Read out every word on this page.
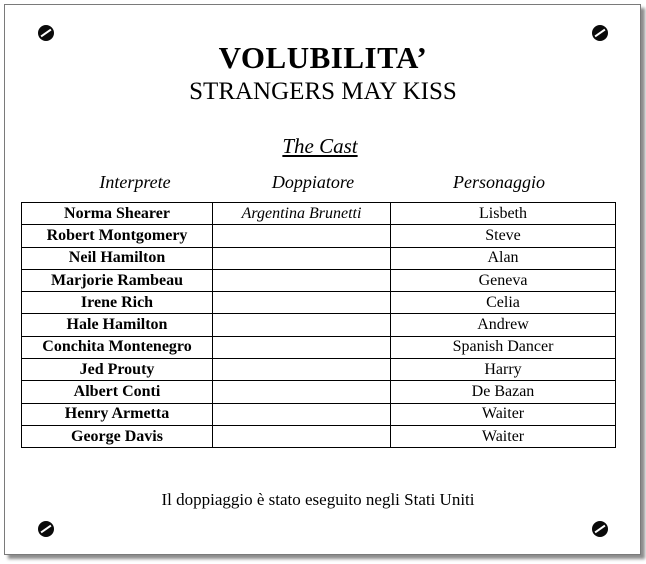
VOLUBILITA’
STRANGERS MAY KISS
The Cast
Interprete	Doppiatore	Personaggio
Norma Shearer	Argentina Brunetti	Lisbeth
Robert Montgomery		Steve
Neil Hamilton		Alan
Marjorie Rambeau		Geneva
Irene Rich		Celia
Hale Hamilton		Andrew
Conchita Montenegro		Spanish Dancer
Jed Prouty		Harry
Albert Conti		De Bazan
Henry Armetta		Waiter
George Davis		Waiter
Il doppiaggio è stato eseguito negli Stati Uniti
